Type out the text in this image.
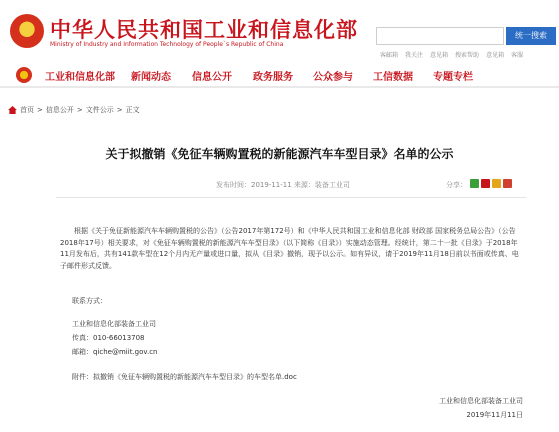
中华人民共和国工业和信息化部
Ministry of Industry and Information Technology of People`s Republic of China
统一搜索
客邮箱 我关注 意见箱 搜索帮助 意见箱 客服
工业和信息化部 新闻动态 信息公开 政务服务 公众参与 工信数据 专题专栏
首页 > 信息公开 > 文件公示 > 正文
关于拟撤销《免征车辆购置税的新能源汽车车型目录》名单的公示
发布时间：2019-11-11 来源：装备工业司	分享：
根据《关于免征新能源汽车车辆购置税的公告》（公告2017年第172号）和《中华人民共和国工业和信息化部 财政部 国家税务总局公告》（公告2018年17号）相关要求，对《免征车辆购置税的新能源汽车车型目录》（以下简称《目录》）实施动态管理。经统计，第二十一批《目录》于2018年11月发布后，共有141款车型在12个月内无产量或进口量，拟从《目录》撤销，现予以公示。如有异议，请于2019年11月18日前以书面或传真、电子邮件形式反馈。
联系方式：
工业和信息化部装备工业司
传真：010-66013708
邮箱：qiche@miit.gov.cn
附件：拟撤销《免征车辆购置税的新能源汽车车型目录》的车型名单.doc
工业和信息化部装备工业司
2019年11月11日
